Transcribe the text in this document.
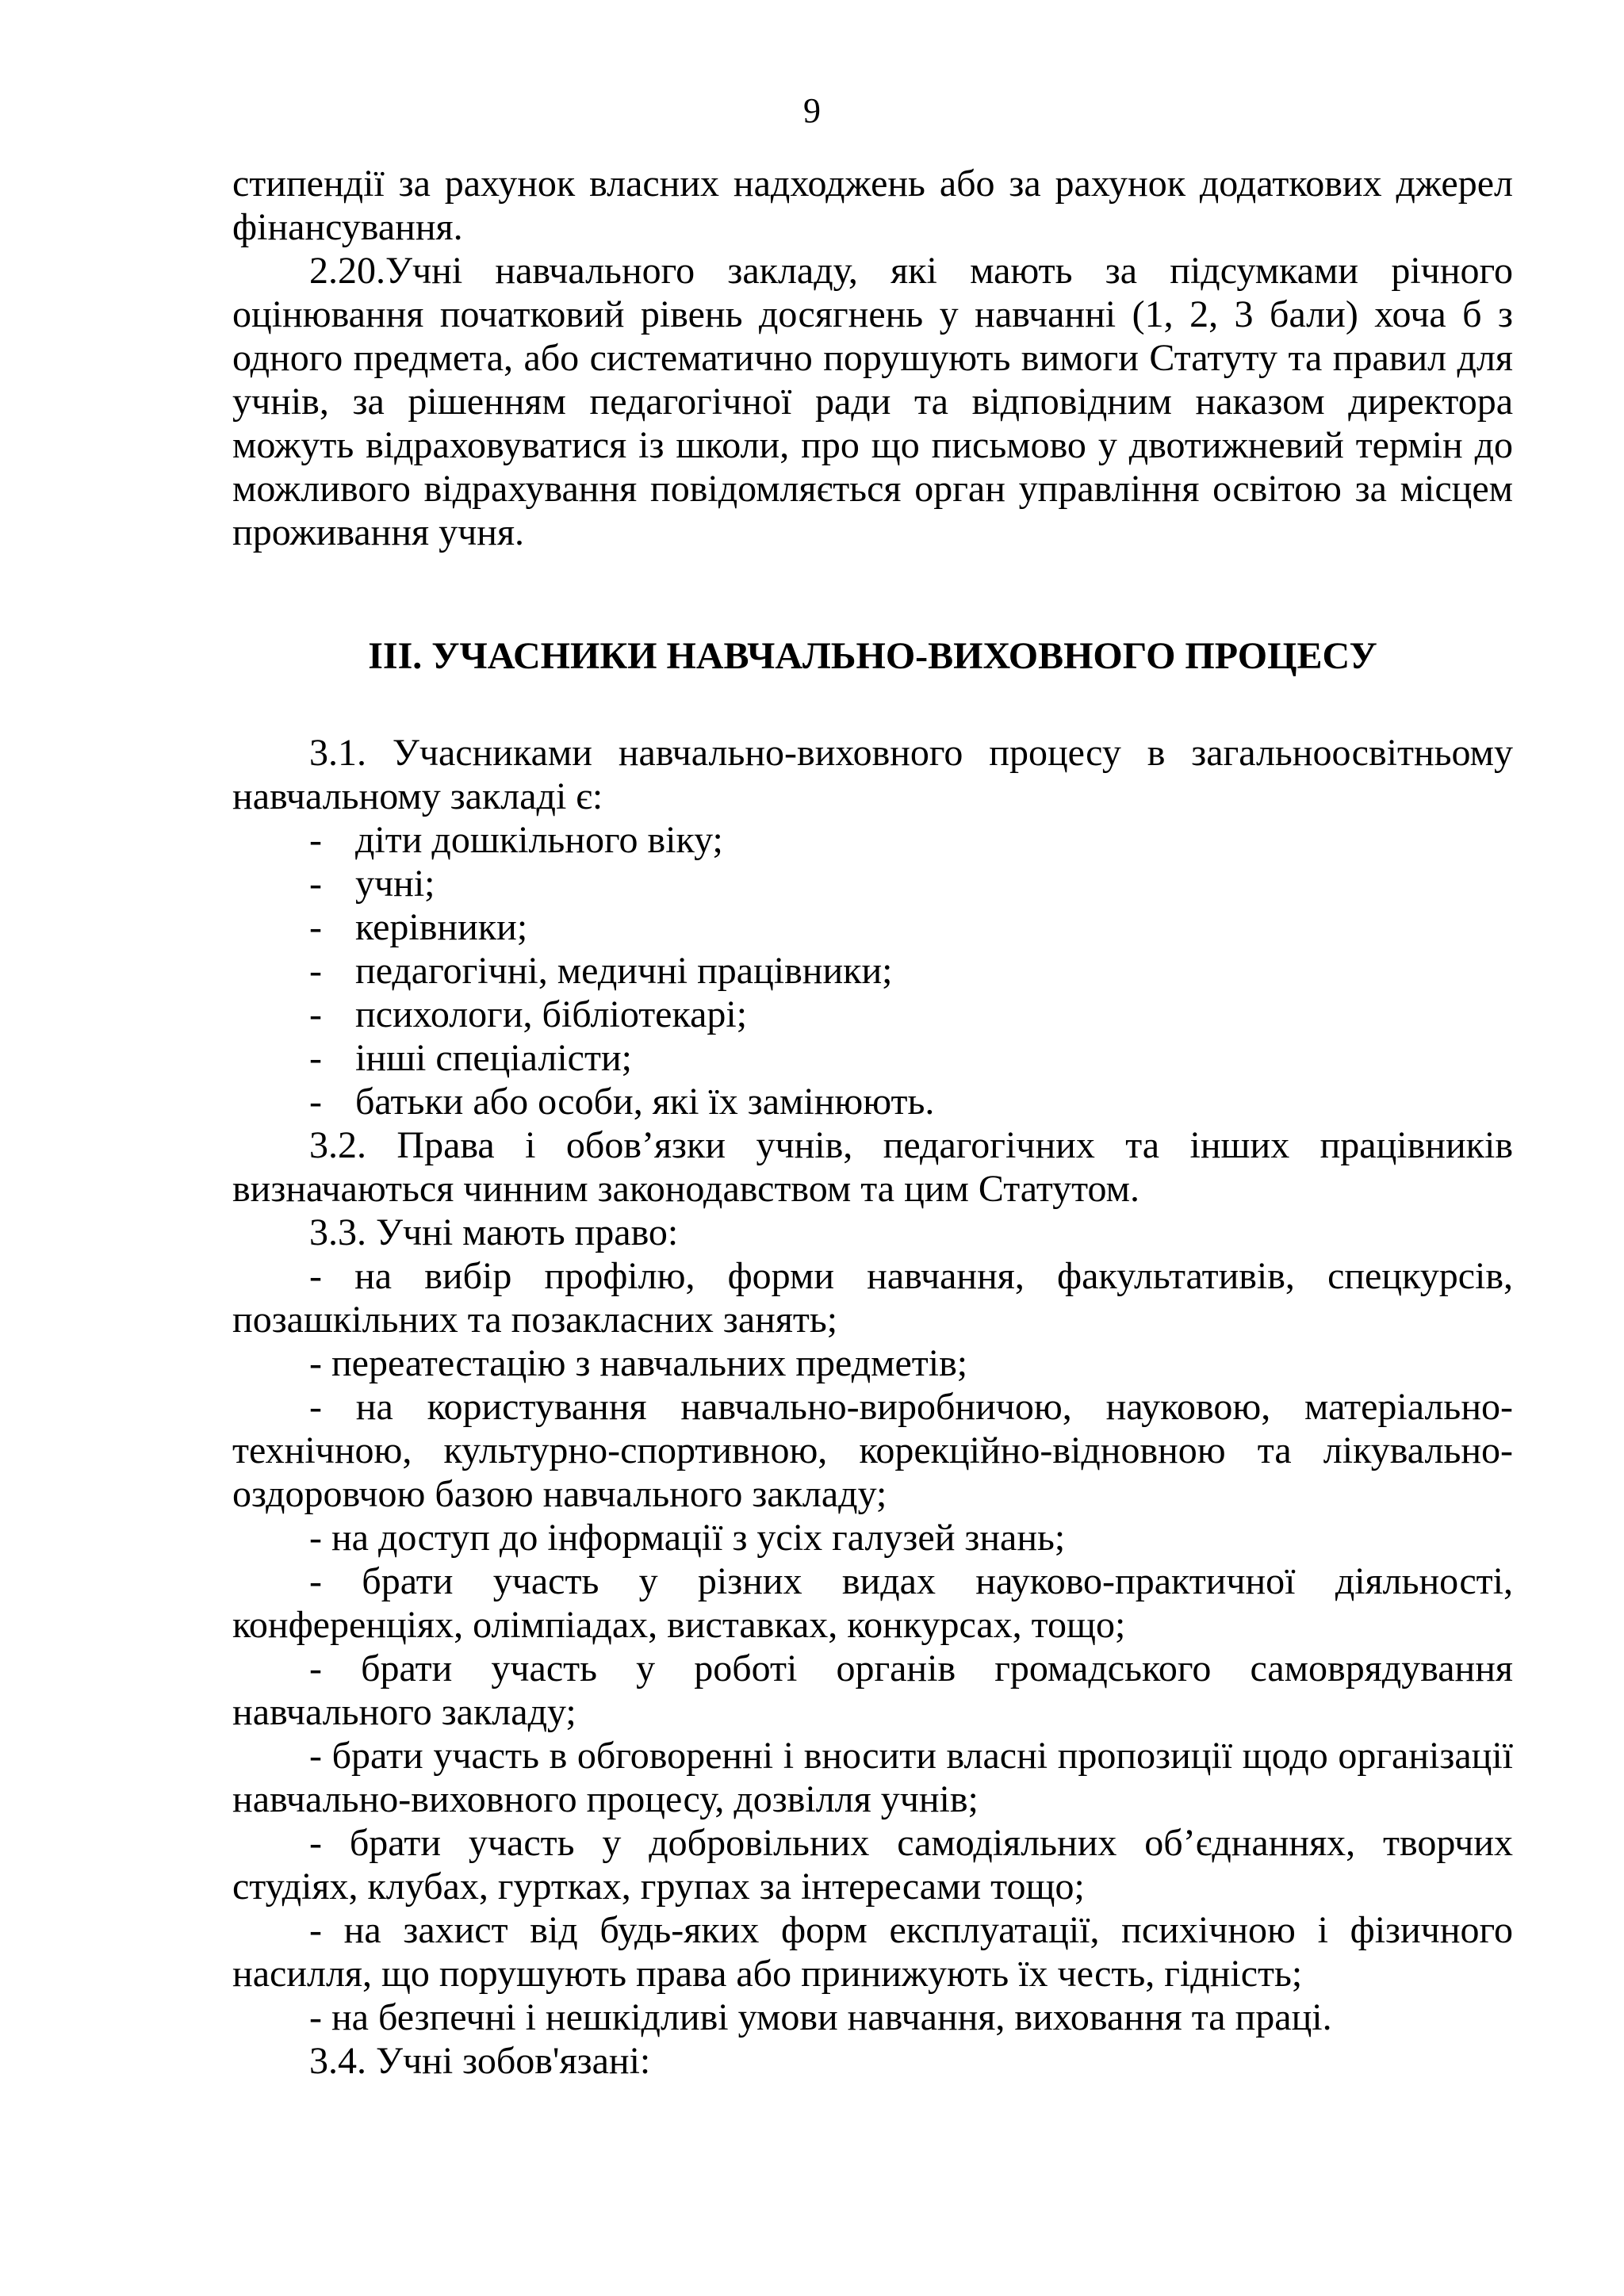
9

стипендії за рахунок власних надходжень або за рахунок додаткових джерел фінансування.

2.20.Учні навчального закладу, які мають за підсумками річного оцінювання початковий рівень досягнень у навчанні (1, 2, 3 бали) хоча б з одного предмета, або систематично порушують вимоги Статуту та правил для учнів, за рішенням педагогічної ради та відповідним наказом директора можуть відраховуватися із школи, про що письмово у двотижневий термін до можливого відрахування повідомляється орган управління освітою за місцем проживання учня.

ІІІ. УЧАСНИКИ НАВЧАЛЬНО-ВИХОВНОГО ПРОЦЕСУ

3.1. Учасниками навчально-виховного процесу в загальноосвітньому навчальному закладі є:

- діти дошкільного віку;

- учні;

- керівники;

- педагогічні, медичні працівники;

- психологи, бібліотекарі;

- інші спеціалісти;

- батьки або особи, які їх замінюють.

3.2. Права і обов’язки учнів, педагогічних та інших працівників визначаються чинним законодавством та цим Статутом.

3.3. Учні мають право:

- на вибір профілю, форми навчання, факультативів, спецкурсів, позашкільних та позакласних занять;

- переатестацію з навчальних предметів;

- на користування навчально-виробничою, науковою, матеріально-технічною, культурно-спортивною, корекційно-відновною та лікувально-оздоровчою базою навчального закладу;

- на доступ до інформації з усіх галузей знань;

- брати участь у різних видах науково-практичної діяльності, конференціях, олімпіадах, виставках, конкурсах, тощо;

- брати участь у роботі органів громадського самоврядування навчального закладу;

- брати участь в обговоренні і вносити власні пропозиції щодо організації навчально-виховного процесу, дозвілля учнів;

- брати участь у добровільних самодіяльних об’єднаннях, творчих студіях, клубах, гуртках, групах за інтересами тощо;

- на захист від будь-яких форм експлуатації, психічною і фізичного насилля, що порушують права або принижують їх честь, гідність;

- на безпечні і нешкідливі умови навчання, виховання та праці.

3.4. Учні зобов'язані:
